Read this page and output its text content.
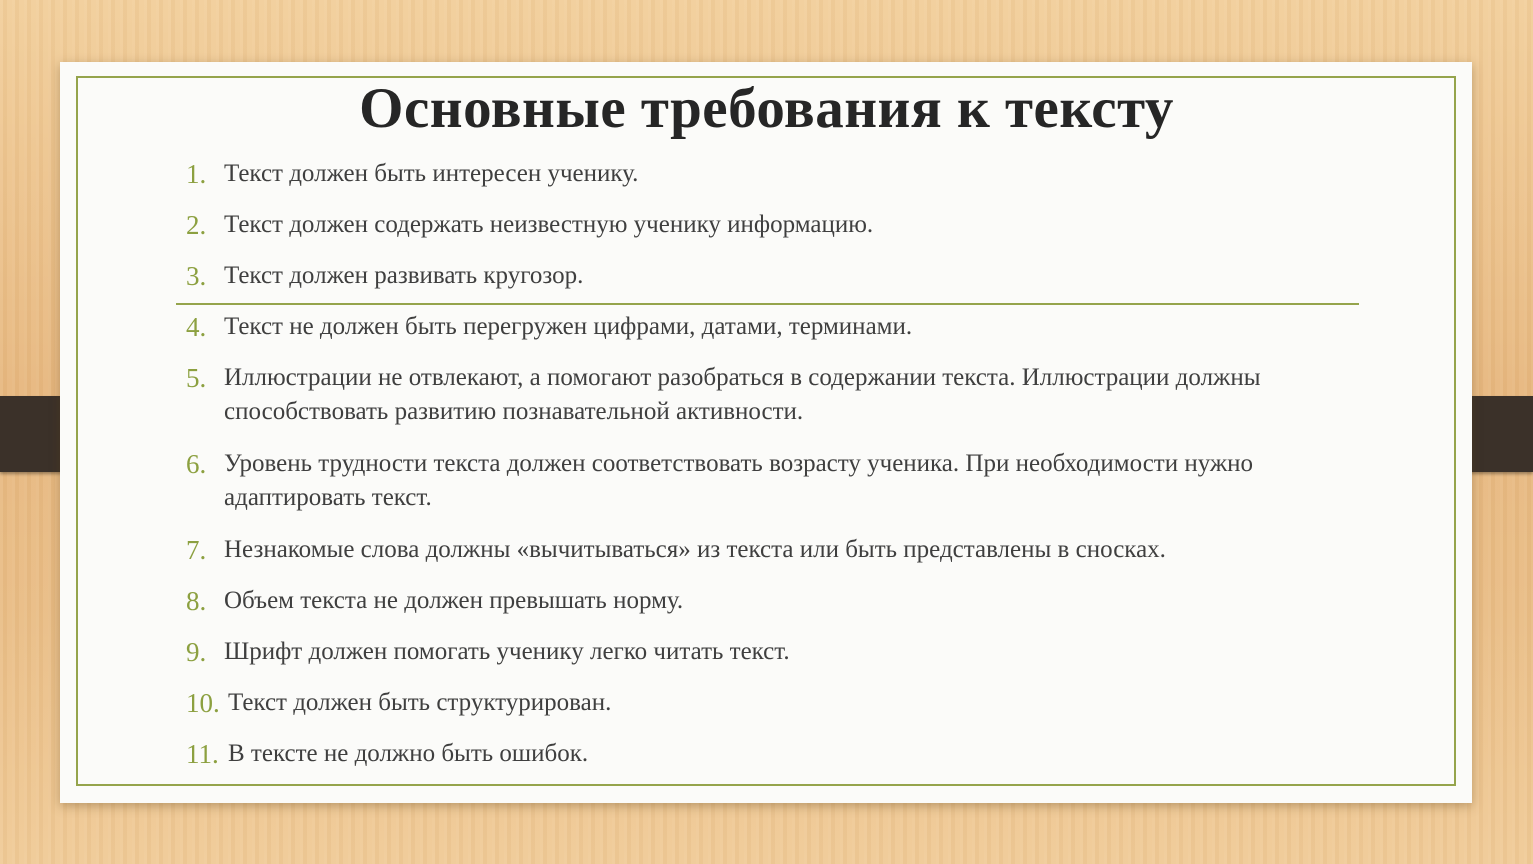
Основные требования к тексту
1. Текст должен быть интересен ученику.
2. Текст должен содержать неизвестную ученику информацию.
3. Текст должен развивать кругозор.
4. Текст не должен быть перегружен цифрами, датами, терминами.
5. Иллюстрации не отвлекают, а помогают разобраться в содержании текста. Иллюстрации должны
способствовать развитию познавательной активности.
6. Уровень трудности текста должен соответствовать возрасту ученика. При необходимости нужно
адаптировать текст.
7. Незнакомые слова должны «вычитываться» из текста или быть представлены в сносках.
8. Объем текста не должен превышать норму.
9. Шрифт должен помогать ученику легко читать текст.
10. Текст должен быть структурирован.
11. В тексте не должно быть ошибок.
